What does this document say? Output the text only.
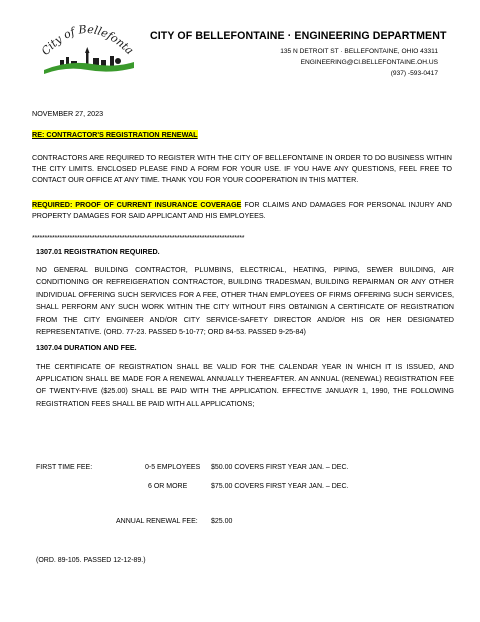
City of Bellefonta
CITY OF BELLEFONTAINE · ENGINEERING DEPARTMENT
135 N DETROIT ST · BELLEFONTAINE, OHIO 43311
ENGINEERING@CI.BELLEFONTAINE.OH.US
(937) -593-0417
NOVEMBER 27, 2023
RE: CONTRACTOR'S REGISTRATION RENEWAL
CONTRACTORS ARE REQUIRED TO REGISTER WITH THE CITY OF BELLEFONTAINE IN ORDER TO DO BUSINESS WITHIN THE CITY LIMITS. ENCLOSED PLEASE FIND A FORM FOR YOUR USE. IF YOU HAVE ANY QUESTIONS, FEEL FREE TO CONTACT OUR OFFICE AT ANY TIME. THANK YOU FOR YOUR COOPERATION IN THIS MATTER.
REQUIRED: PROOF OF CURRENT INSURANCE COVERAGE FOR CLAIMS AND DAMAGES FOR PERSONAL INJURY AND PROPERTY DAMAGES FOR SAID APPLICANT AND HIS EMPLOYEES.
*************************************************************************************
1307.01 REGISTRATION REQUIRED.
NO GENERAL BUILDING CONTRACTOR, PLUMBINS, ELECTRICAL, HEATING, PIPING, SEWER BUILDING, AIR CONDITIONING OR REFREIGERATION CONTRACTOR, BUILDING TRADESMAN, BUILDING REPAIRMAN OR ANY OTHER INDIVIDUAL OFFERING SUCH SERVICES FOR A FEE, OTHER THAN EMPLOYEES OF FIRMS OFFERING SUCH SERVICES, SHALL PERFORM ANY SUCH WORK WITHIN THE CITY WITHOUT FIRS OBTAINIGN A CERTIFICATE OF REGISTRATION FROM THE CITY ENGINEER AND/OR CITY SERVICE-SAFETY DIRECTOR AND/OR HIS OR HER DESIGNATED REPRESENTATIVE. (ORD. 77-23. PASSED 5-10-77; ORD 84-53. PASSED 9-25-84)
1307.04 DURATION AND FEE.
THE CERTIFICATE OF REGISTRATION SHALL BE VALID FOR THE CALENDAR YEAR IN WHICH IT IS ISSUED, AND APPLICATION SHALL BE MADE FOR A RENEWAL ANNUALLY THEREAFTER. AN ANNUAL (RENEWAL) REGISTRATION FEE OF TWENTY-FIVE ($25.00) SHALL BE PAID WITH THE APPLICATION. EFFECTIVE JANUAYR 1, 1990, THE FOLLOWING REGISTRATION FEES SHALL BE PAID WITH ALL APPLICATIONS;
FIRST TIME FEE:	0-5 EMPLOYEES $50.00 COVERS FIRST YEAR JAN. – DEC.
6 OR MORE	$75.00 COVERS FIRST YEAR JAN. – DEC.
ANNUAL RENEWAL FEE: $25.00
(ORD. 89-105. PASSED 12-12-89.)
